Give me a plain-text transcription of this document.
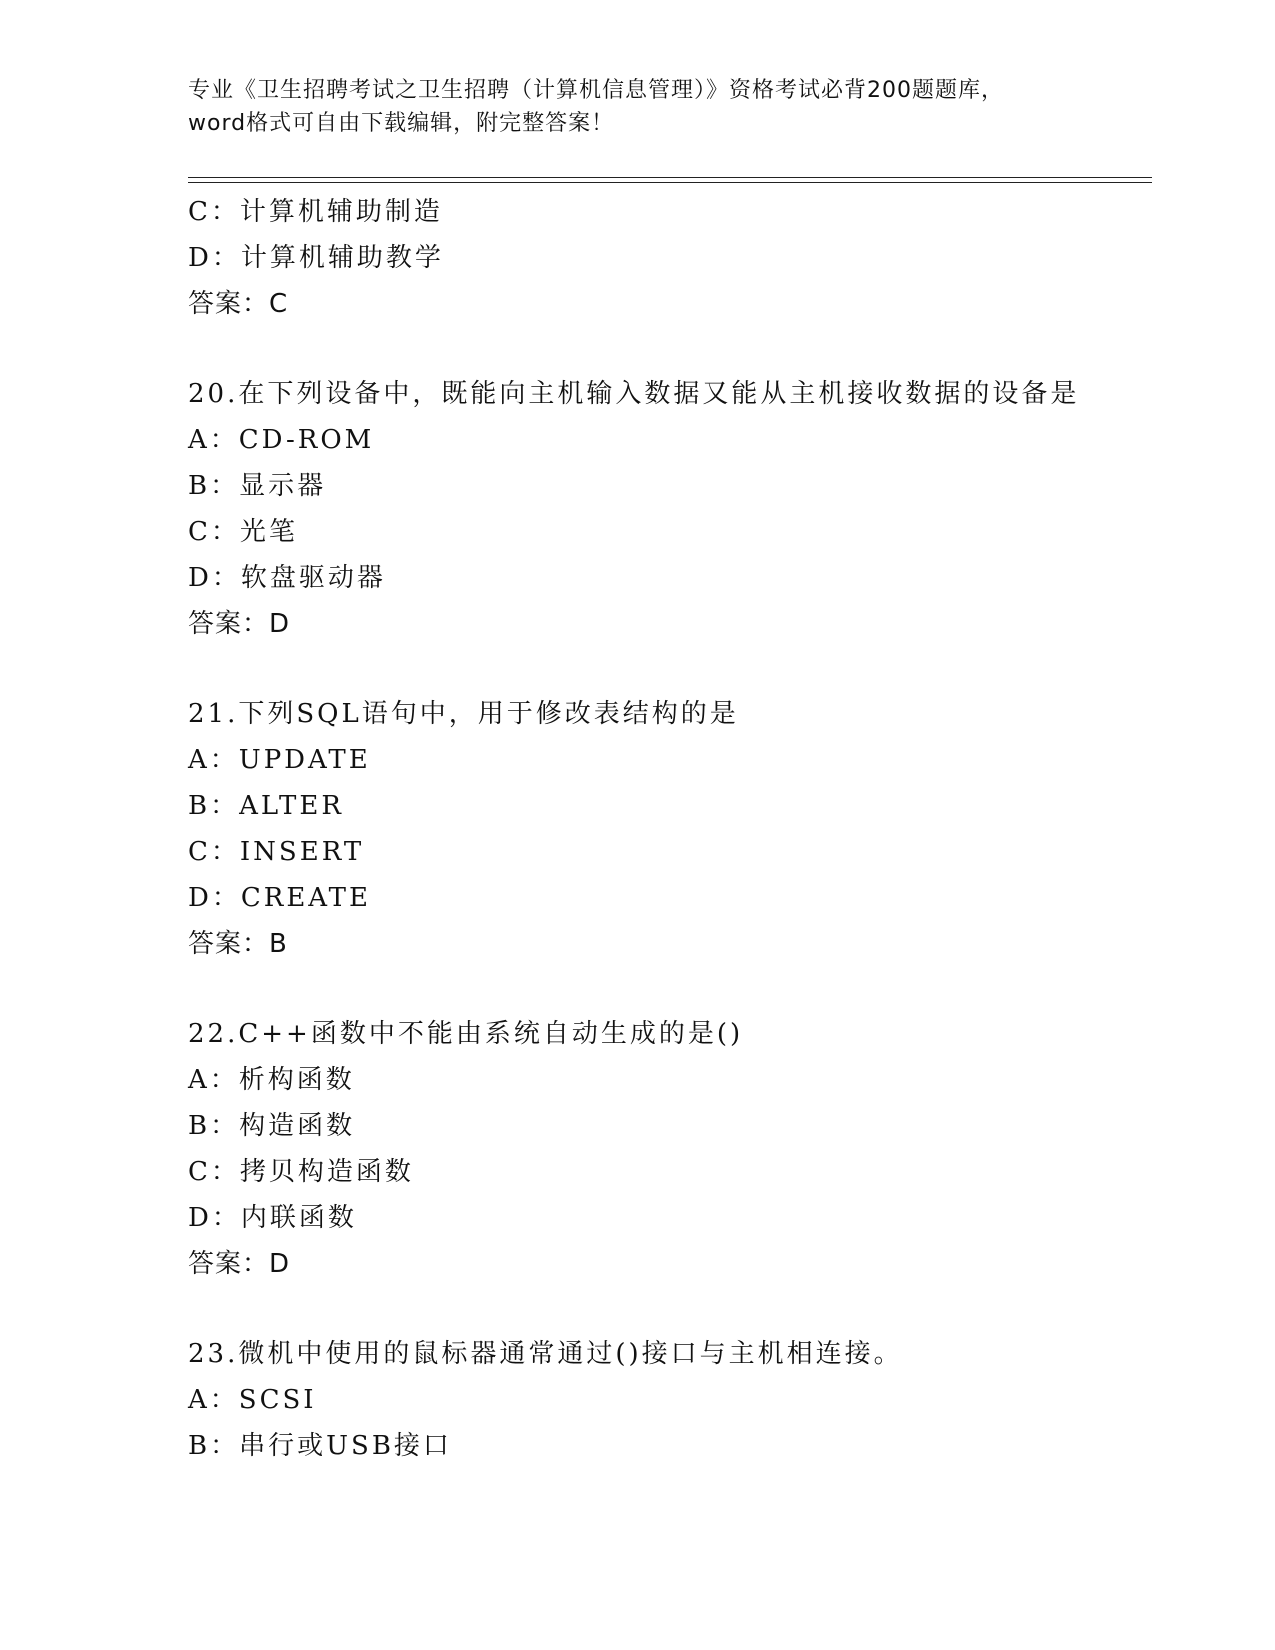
专业《卫生招聘考试之卫生招聘（计算机信息管理）》资格考试必背200题题库，
word格式可自由下载编辑，附完整答案！
C：计算机辅助制造
D：计算机辅助教学
答案：C
20.在下列设备中，既能向主机输入数据又能从主机接收数据的设备是
A：CD-ROM
B：显示器
C：光笔
D：软盘驱动器
答案：D
21.下列SQL语句中，用于修改表结构的是
A：UPDATE
B：ALTER
C：INSERT
D：CREATE
答案：B
22.C++函数中不能由系统自动生成的是()
A：析构函数
B：构造函数
C：拷贝构造函数
D：内联函数
答案：D
23.微机中使用的鼠标器通常通过()接口与主机相连接。
A：SCSI
B：串行或USB接口
